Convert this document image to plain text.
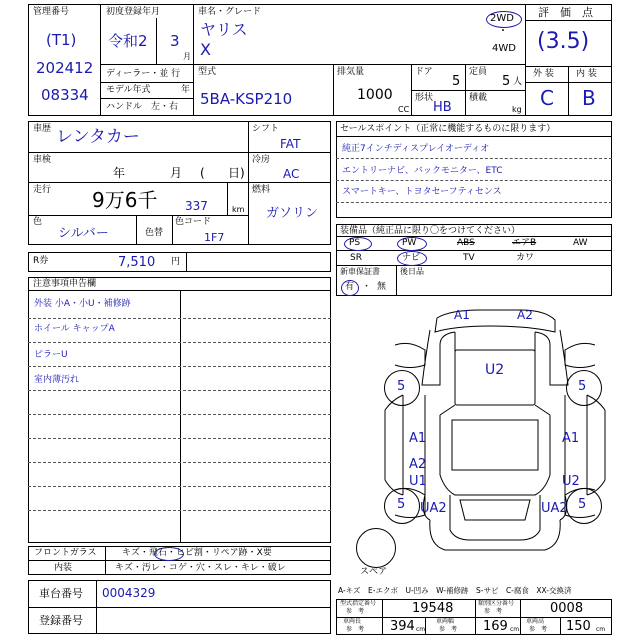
管理番号
(T1)
202412
08334
初度登録年月
令和2 3
月
車名・グレード
ヤリス
X
2WD
・
4WD
ディーラー・並 行
モデル年式	年
ハンドル　左・右
型式
5BA-KSP210
排気量
1000
CC
ドア
5
定員
5 人
形状
HB
積載
kg
評　価　点
(3.5)
外 装 内 装
C B
車歴 レンタカー
車検
年	月 ( 日)
走行 9万6千 337	km
色
シルバー	色替
色コード
1F7
シフト
FAT
冷房
AC
燃料
ガソリン
R券	7,510 円
セールスポイント（正常に機能するものに限ります）
純正7インチディスプレイオーディオ
エントリーナビ、バックモニター、ETC
スマートキー、トヨタセーフティセンス
装備品（純正品に限り〇をつけてください）
PS	PW	ABS	エアB	AW
SR	ナビ	TV	カワ
新車保証書
有 ・ 無
後日品
注意事項申告欄
外装 小A・小U・補修跡
ホイール キャップA
ピラーU
室内薄汚れ
A1	A2
U2
5	5
A1	A1
A2
U1	U2
5	5
UA2	UA2
スペア
フロントガラス	キズ・飛石・ヒビ割・リペア跡・X要
内装	キズ・汚レ・コゲ・穴・スレ・キレ・破レ
車台番号 0004329
登録番号
A-キズ　E-エクボ　U-凹み　W-補修跡　S-サビ　C-腐食　XX-交換済
型式指定番号
参　考	19548	類別区分番号
参　考	0008
車両長
参　考 394 cm
車両幅
参　考 169 cm
車両高
参　考 150 cm
